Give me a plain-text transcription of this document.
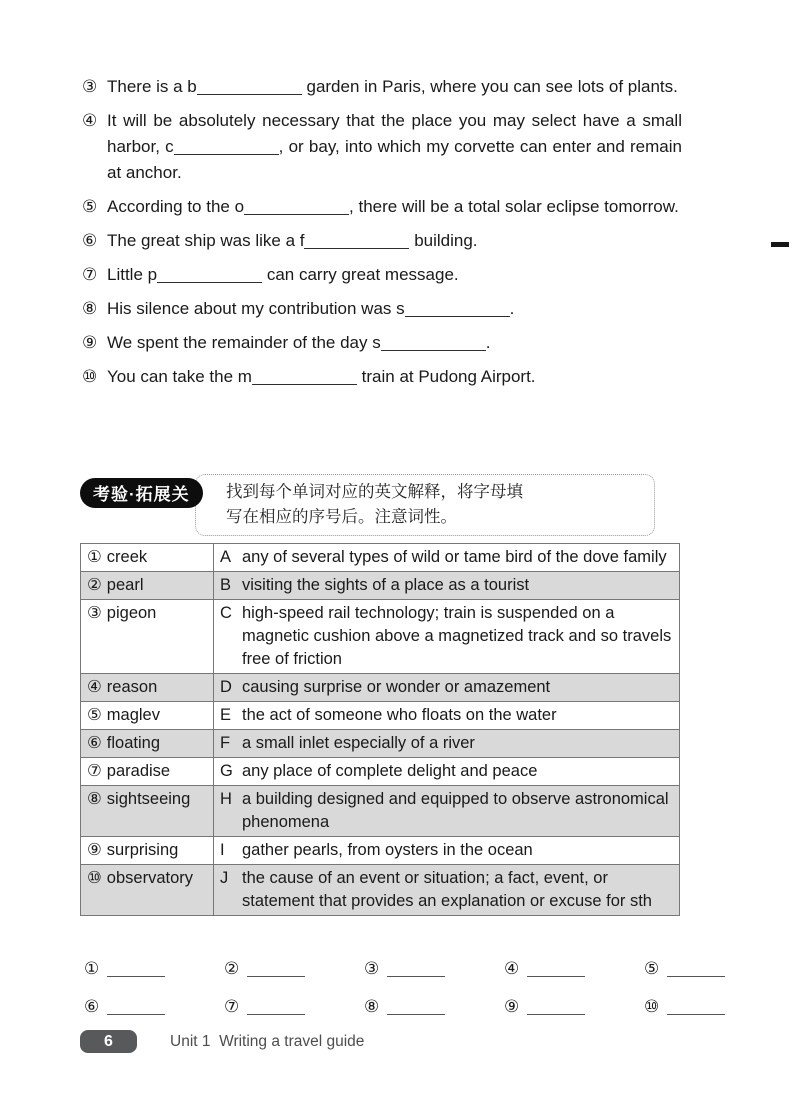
③ There is a b	garden in Paris, where you can see lots of plants.
④ It will be absolutely necessary that the place you may select have a small harbor, c	, or bay, into which my corvette can enter and remain at anchor.
⑤ According to the o	, there will be a total solar eclipse tomorrow.
⑥ The great ship was like a f	building.
⑦ Little p	can carry great message.
⑧ His silence about my contribution was s	.
⑨ We spent the remainder of the day s	.
⑩ You can take the m	train at Pudong Airport.
找到每个单词对应的英文解释，将字母填
写在相应的序号后。注意词性。
考验·拓展关
① creek	A any of several types of wild or tame bird of the dove family

② pearl	B visiting the sights of a place as a tourist

③ pigeon	C high-speed rail technology; train is suspended on a magnetic cushion above a magnetized track and so travels free of friction

④ reason	D causing surprise or wonder or amazement

⑤ maglev	E the act of someone who floats on the water

⑥ floating	F a small inlet especially of a river

⑦ paradise	G any place of complete delight and peace

⑧ sightseeing	H a building designed and equipped to observe astronomical phenomena

⑨ surprising	I gather pearls, from oysters in the ocean

⑩ observatory	J the cause of an event or situation; a fact, event, or statement that provides an explanation or excuse for sth
①	②	③	④	⑤
⑥	⑦	⑧	⑨	⑩
6	Unit 1  Writing a travel guide
